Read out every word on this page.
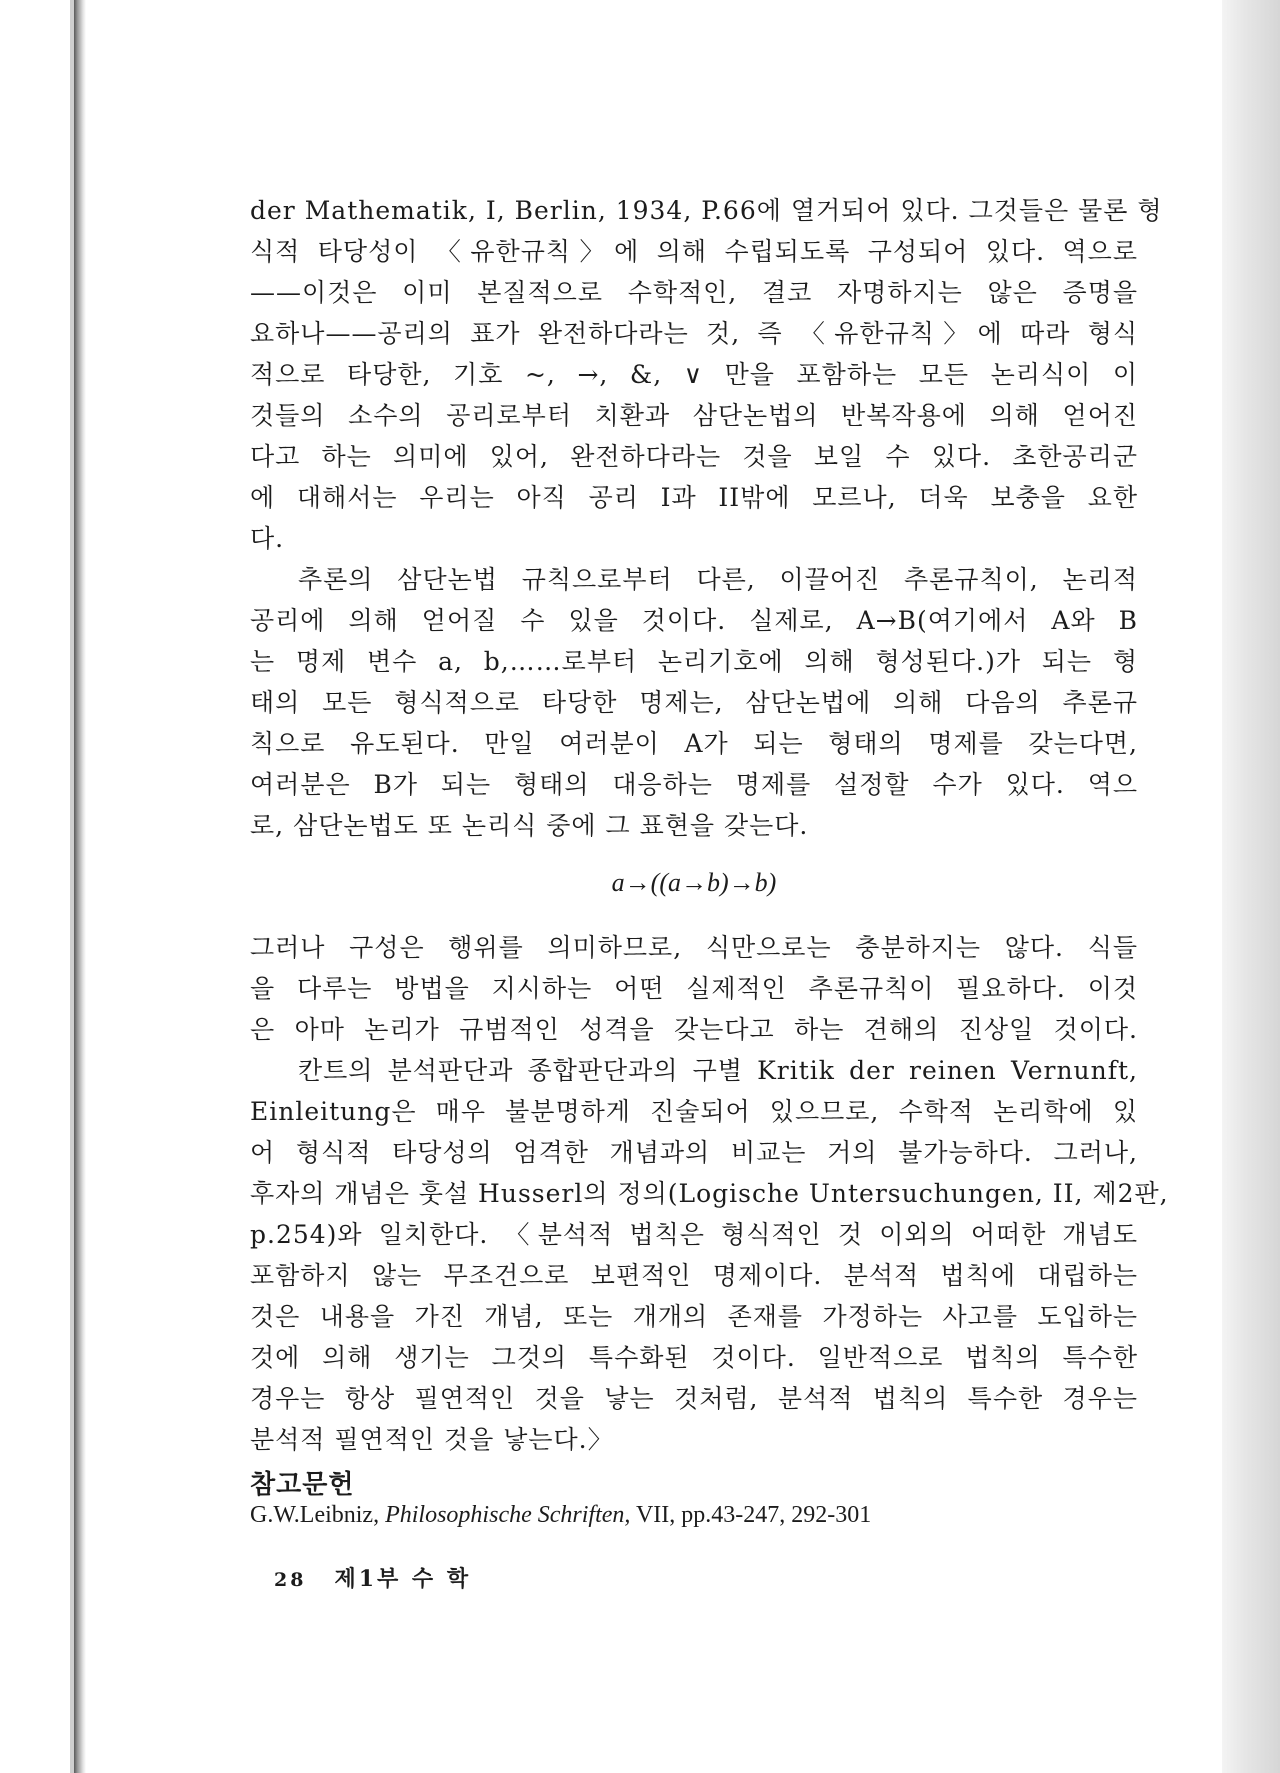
der Mathematik, I, Berlin, 1934, P.66에 열거되어 있다. 그것들은 물론 형
식적 타당성이 〈유한규칙〉에 의해 수립되도록 구성되어 있다. 역으로
——이것은 이미 본질적으로 수학적인, 결코 자명하지는 않은 증명을
요하나——공리의 표가 완전하다라는 것, 즉 〈유한규칙〉에 따라 형식
적으로 타당한, 기호 ~, →, &, ∨ 만을 포함하는 모든 논리식이 이
것들의 소수의 공리로부터 치환과 삼단논법의 반복작용에 의해 얻어진
다고 하는 의미에 있어, 완전하다라는 것을 보일 수 있다. 초한공리군
에 대해서는 우리는 아직 공리 I과 II밖에 모르나, 더욱 보충을 요한
다.
추론의 삼단논법 규칙으로부터 다른, 이끌어진 추론규칙이, 논리적
공리에 의해 얻어질 수 있을 것이다. 실제로, A→B(여기에서 A와 B
는 명제 변수 a, b,……로부터 논리기호에 의해 형성된다.)가 되는 형
태의 모든 형식적으로 타당한 명제는, 삼단논법에 의해 다음의 추론규
칙으로 유도된다. 만일 여러분이 A가 되는 형태의 명제를 갖는다면,
여러분은 B가 되는 형태의 대응하는 명제를 설정할 수가 있다. 역으
로, 삼단논법도 또 논리식 중에 그 표현을 갖는다.
a→((a→b)→b)
그러나 구성은 행위를 의미하므로, 식만으로는 충분하지는 않다. 식들
을 다루는 방법을 지시하는 어떤 실제적인 추론규칙이 필요하다. 이것
은 아마 논리가 규범적인 성격을 갖는다고 하는 견해의 진상일 것이다.
칸트의 분석판단과 종합판단과의 구별 Kritik der reinen Vernunft,
Einleitung은 매우 불분명하게 진술되어 있으므로, 수학적 논리학에 있
어 형식적 타당성의 엄격한 개념과의 비교는 거의 불가능하다. 그러나,
후자의 개념은 훗설 Husserl의 정의(Logische Untersuchungen, II, 제2판,
p.254)와 일치한다. 〈분석적 법칙은 형식적인 것 이외의 어떠한 개념도
포함하지 않는 무조건으로 보편적인 명제이다. 분석적 법칙에 대립하는
것은 내용을 가진 개념, 또는 개개의 존재를 가정하는 사고를 도입하는
것에 의해 생기는 그것의 특수화된 것이다. 일반적으로 법칙의 특수한
경우는 항상 필연적인 것을 낳는 것처럼, 분석적 법칙의 특수한 경우는
분석적 필연적인 것을 낳는다.〉
참고문헌
G.W.Leibniz, Philosophische Schriften, VII, pp.43-247, 292-301
28 제1부 수 학
